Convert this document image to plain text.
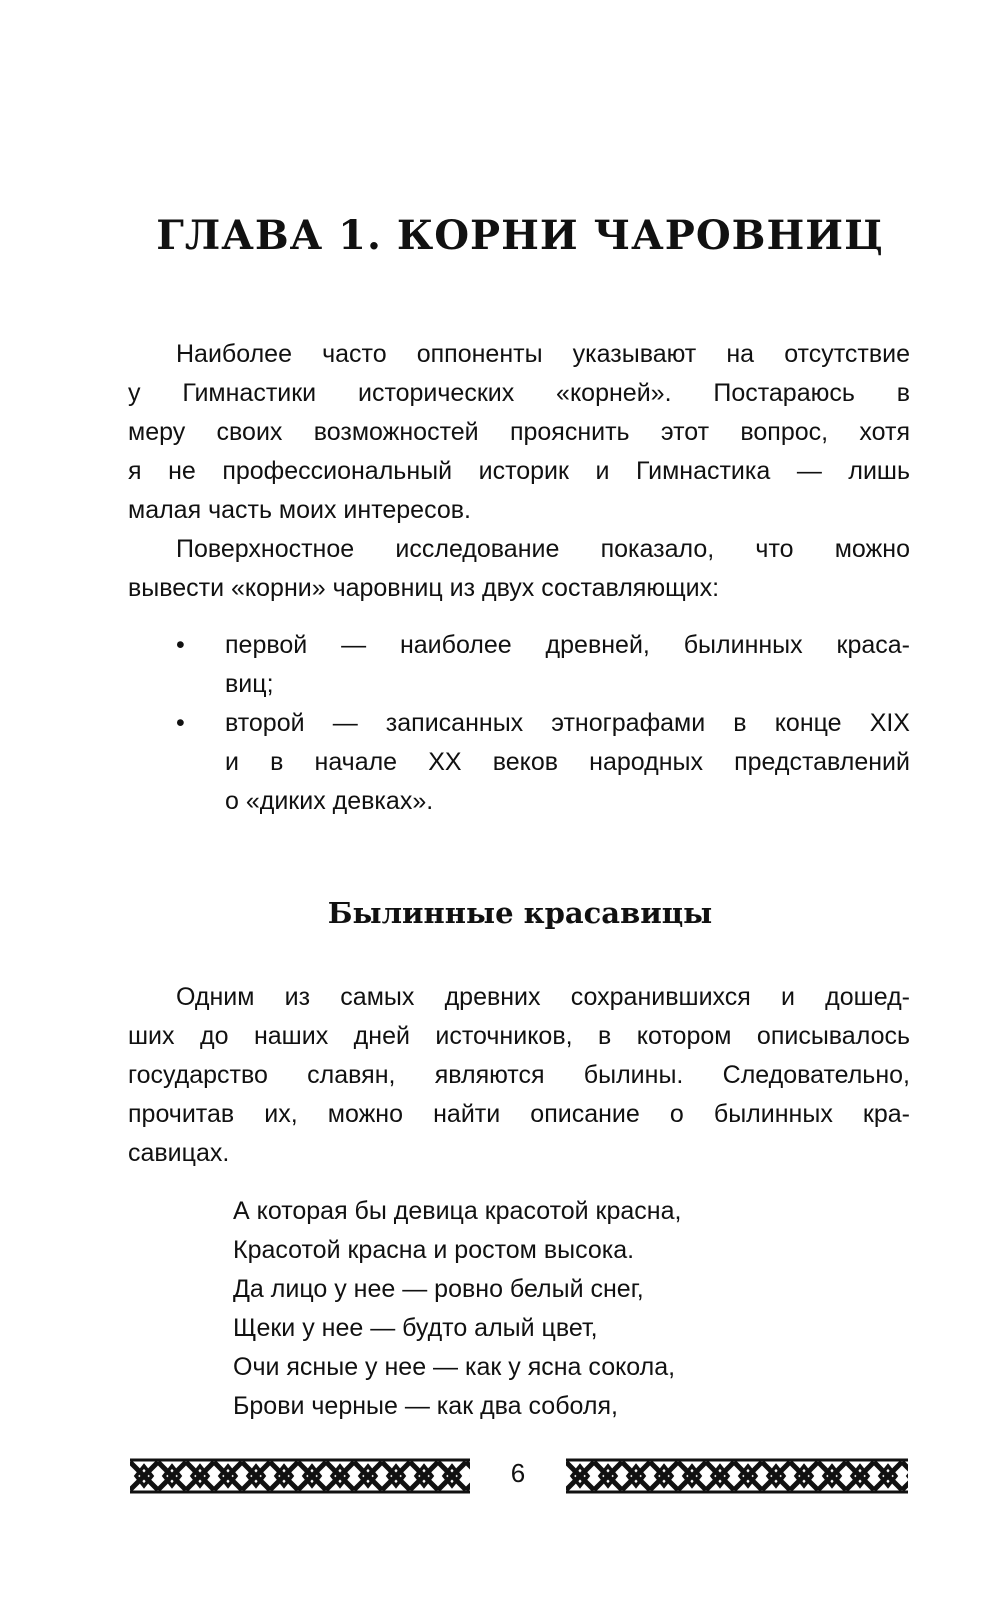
ГЛАВА 1. КОРНИ ЧАРОВНИЦ
Наиболее часто оппоненты указывают на отсутствие
у Гимнастики исторических «корней». Постараюсь в
меру своих возможностей прояснить этот вопрос, хотя
я не профессиональный историк и Гимнастика — лишь
малая часть моих интересов.
Поверхностное исследование показало, что можно
вывести «корни» чаровниц из двух составляющих:
• первой — наиболее древней, былинных краса-
виц;
• второй — записанных этнографами в конце XIX
и в начале XX веков народных представлений
о «диких девках».
Былинные красавицы
Одним из самых древних сохранившихся и дошед-
ших до наших дней источников, в котором описывалось
государство славян, являются былины. Следовательно,
прочитав их, можно найти описание о былинных кра-
савицах.
А которая бы девица красотой красна,
Красотой красна и ростом высока.
Да лицо у нее — ровно белый снег,
Щеки у нее — будто алый цвет,
Очи ясные у нее — как у ясна сокола,
Брови черные — как два соболя,
6
